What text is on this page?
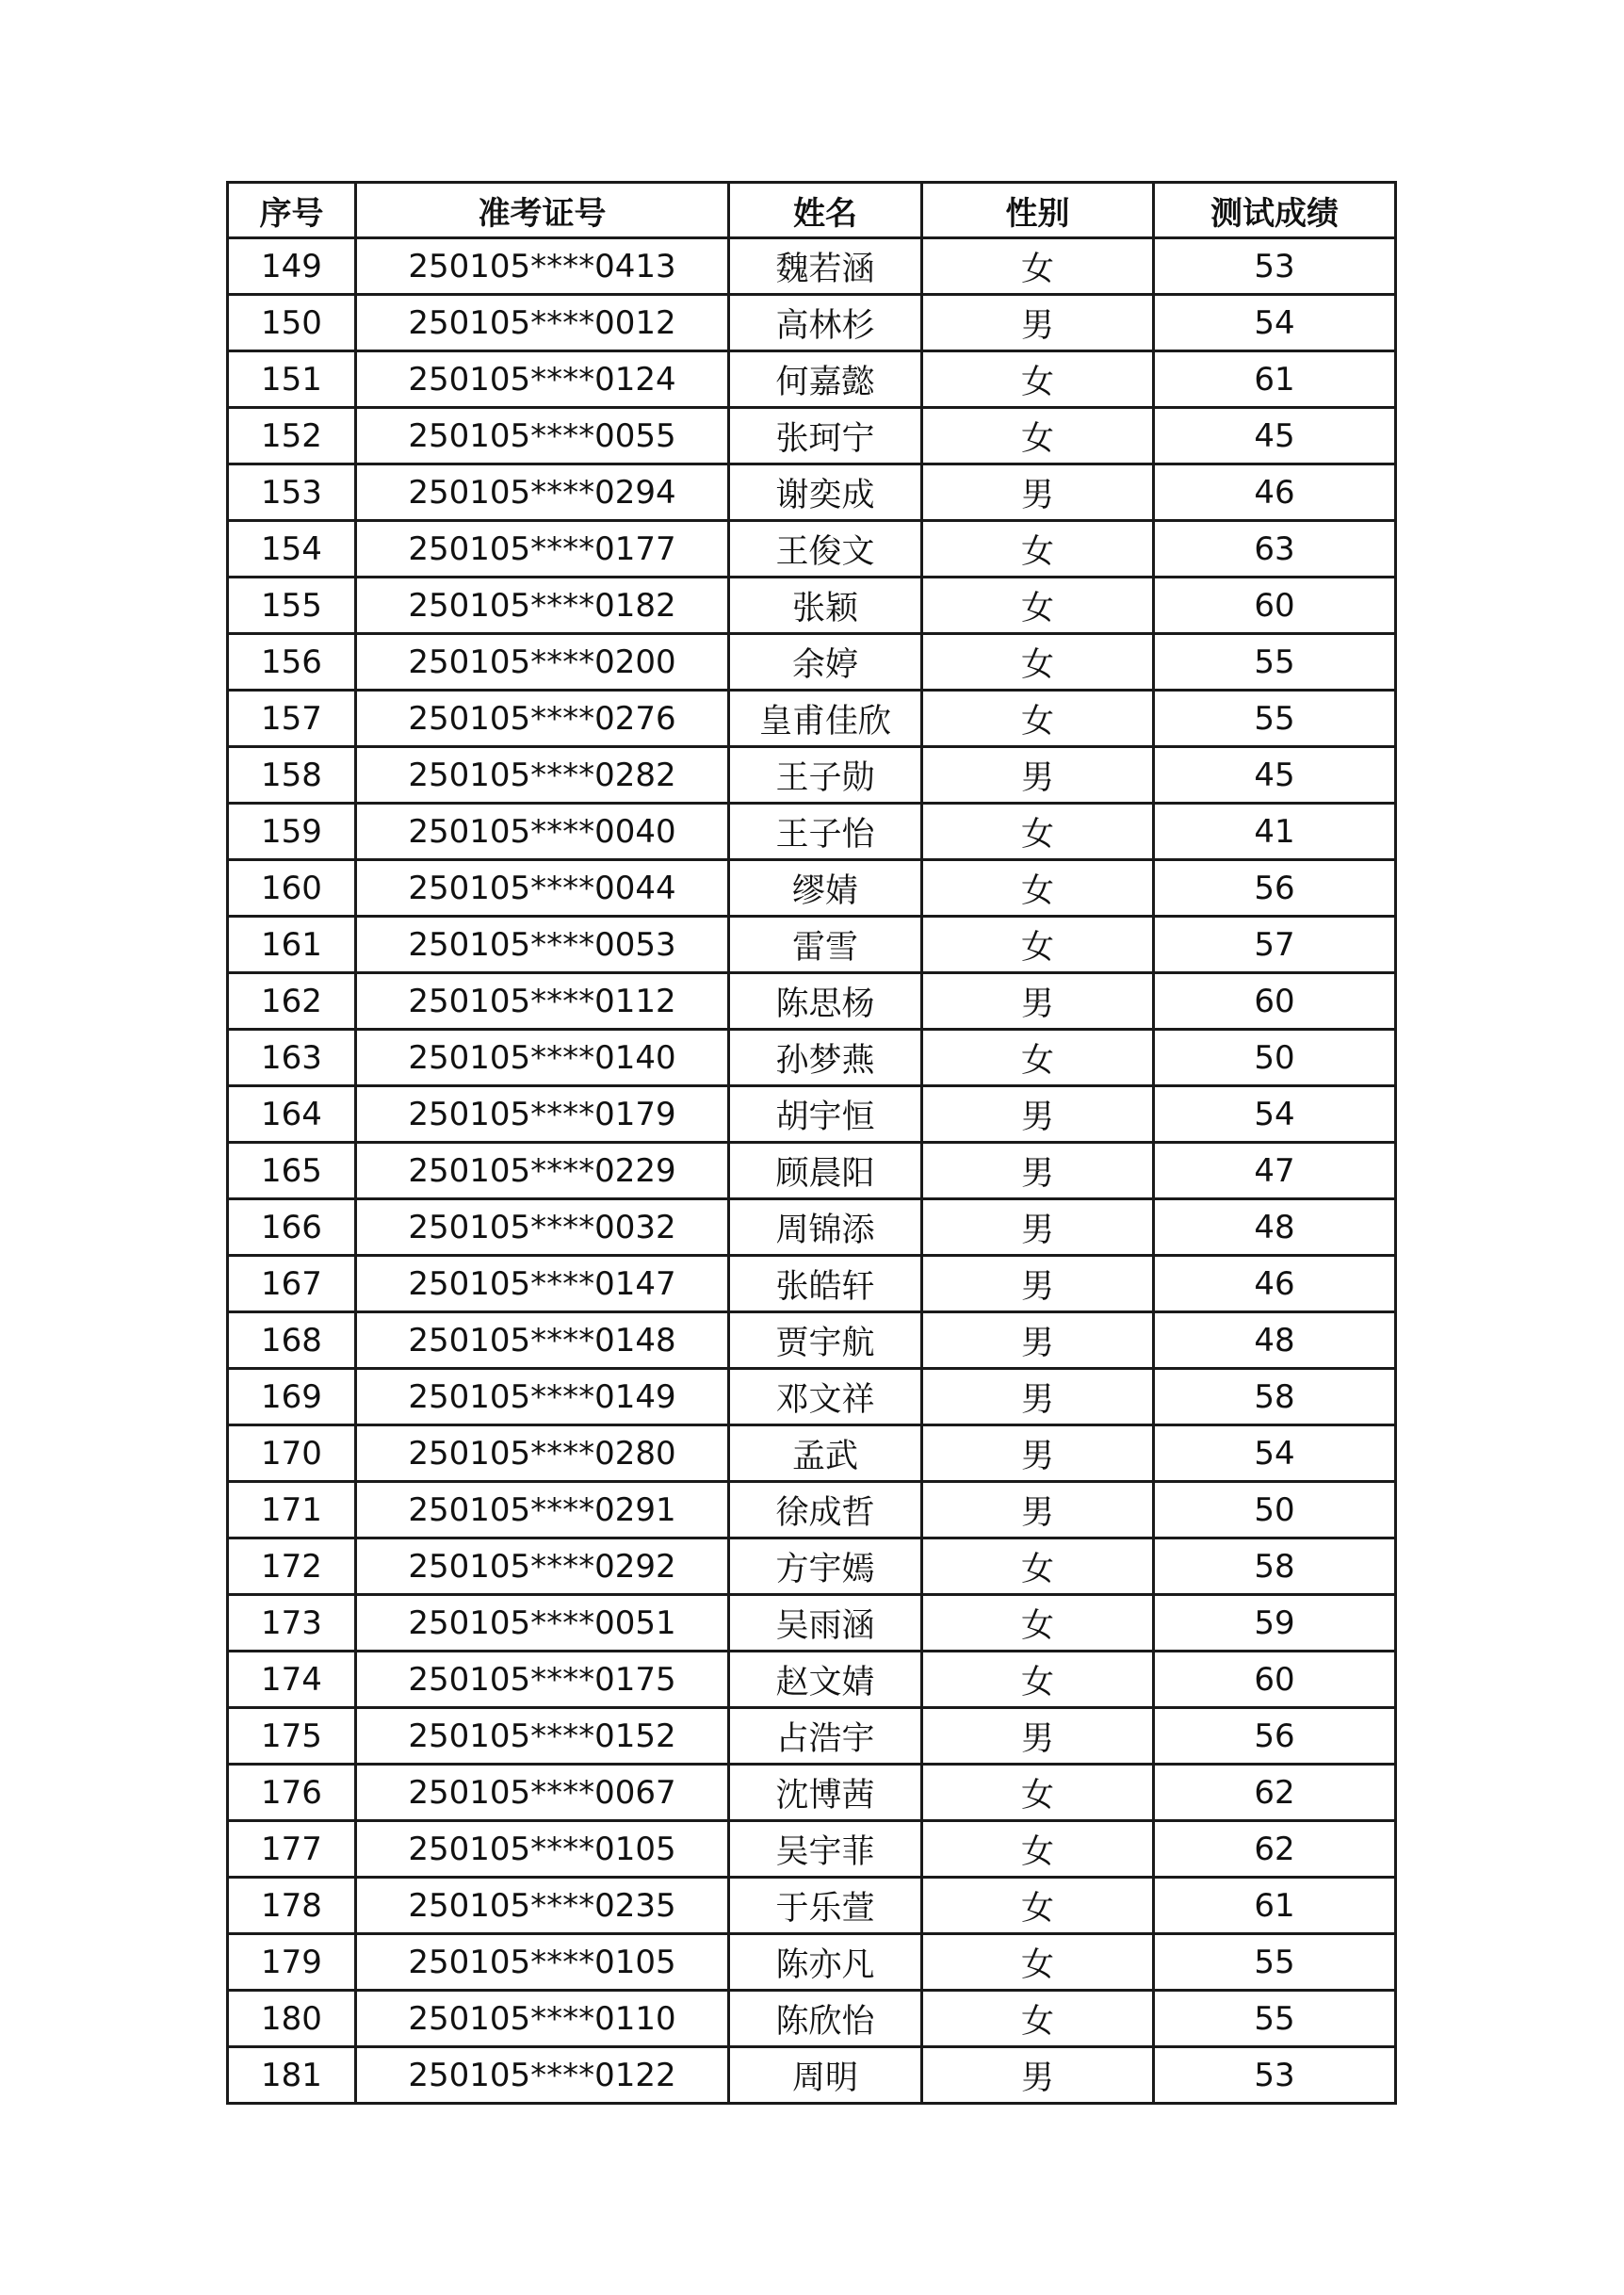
序号	准考证号	姓名	性别	测试成绩
149	250105****0413	魏若涵	女	53
150	250105****0012	高林杉	男	54
151	250105****0124	何嘉懿	女	61
152	250105****0055	张珂宁	女	45
153	250105****0294	谢奕成	男	46
154	250105****0177	王俊文	女	63
155	250105****0182	张颖	女	60
156	250105****0200	余婷	女	55
157	250105****0276	皇甫佳欣	女	55
158	250105****0282	王子勋	男	45
159	250105****0040	王子怡	女	41
160	250105****0044	缪婧	女	56
161	250105****0053	雷雪	女	57
162	250105****0112	陈思杨	男	60
163	250105****0140	孙梦燕	女	50
164	250105****0179	胡宇恒	男	54
165	250105****0229	顾晨阳	男	47
166	250105****0032	周锦添	男	48
167	250105****0147	张皓轩	男	46
168	250105****0148	贾宇航	男	48
169	250105****0149	邓文祥	男	58
170	250105****0280	孟武	男	54
171	250105****0291	徐成哲	男	50
172	250105****0292	方宇嫣	女	58
173	250105****0051	吴雨涵	女	59
174	250105****0175	赵文婧	女	60
175	250105****0152	占浩宇	男	56
176	250105****0067	沈博茜	女	62
177	250105****0105	吴宇菲	女	62
178	250105****0235	于乐萱	女	61
179	250105****0105	陈亦凡	女	55
180	250105****0110	陈欣怡	女	55
181	250105****0122	周明	男	53
